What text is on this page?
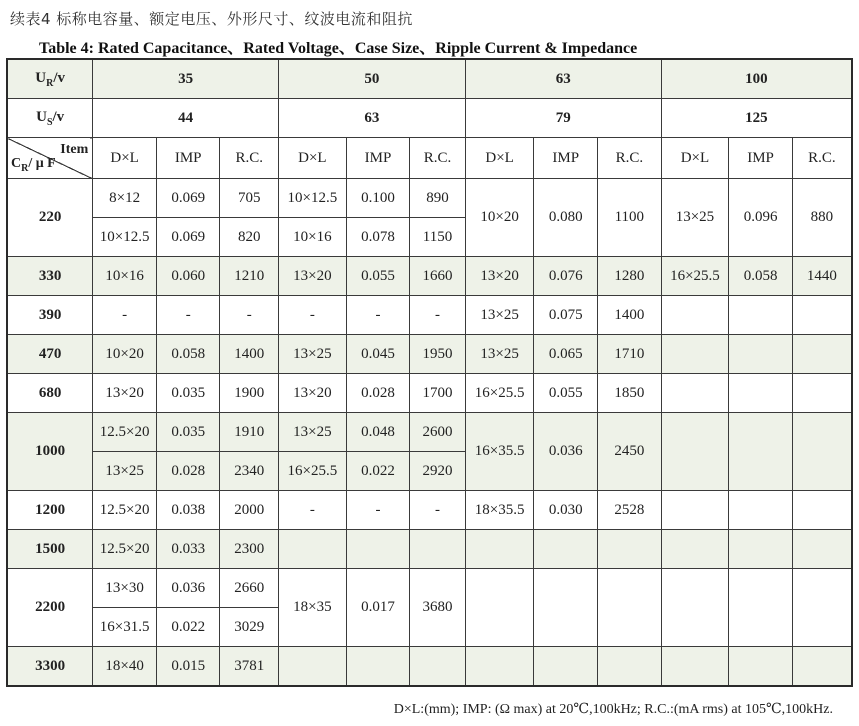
续表4 标称电容量、额定电压、外形尺寸、纹波电流和阻抗
Table 4: Rated Capacitance、Rated Voltage、Case Size、Ripple Current & Impedance
$U_R/v$	35			50			63			100		
$U_S/v$	44			63			79			125		

Item
$C_R/$ μ F	D×L	IMP	R.C.	D×L	IMP	R.C.	D×L	IMP	R.C.	D×L	IMP	R.C.
220	8×12	0.069	705	10×12.5	0.100	890	10×20	0.080	1100	13×25	0.096	880
	10×12.5	0.069	820	10×16	0.078	1150						
330	10×16	0.060	1210	13×20	0.055	1660	13×20	0.076	1280	16×25.5	0.058	1440
390	-	-	-	-	-	-	13×25	0.075	1400			
470	10×20	0.058	1400	13×25	0.045	1950	13×25	0.065	1710			
680	13×20	0.035	1900	13×20	0.028	1700	16×25.5	0.055	1850			
1000	12.5×20	0.035	1910	13×25	0.048	2600	16×35.5	0.036	2450			
	13×25	0.028	2340	16×25.5	0.022	2920						
1200	12.5×20	0.038	2000	-	-	-	18×35.5	0.030	2528			
1500	12.5×20	0.033	2300									
2200	13×30	0.036	2660	18×35	0.017	3680						
	16×31.5	0.022	3029									
3300	18×40	0.015	3781									
D×L:(mm); IMP: (Ω max) at 20℃,100kHz; R.C.:(mA rms) at 105℃,100kHz.
